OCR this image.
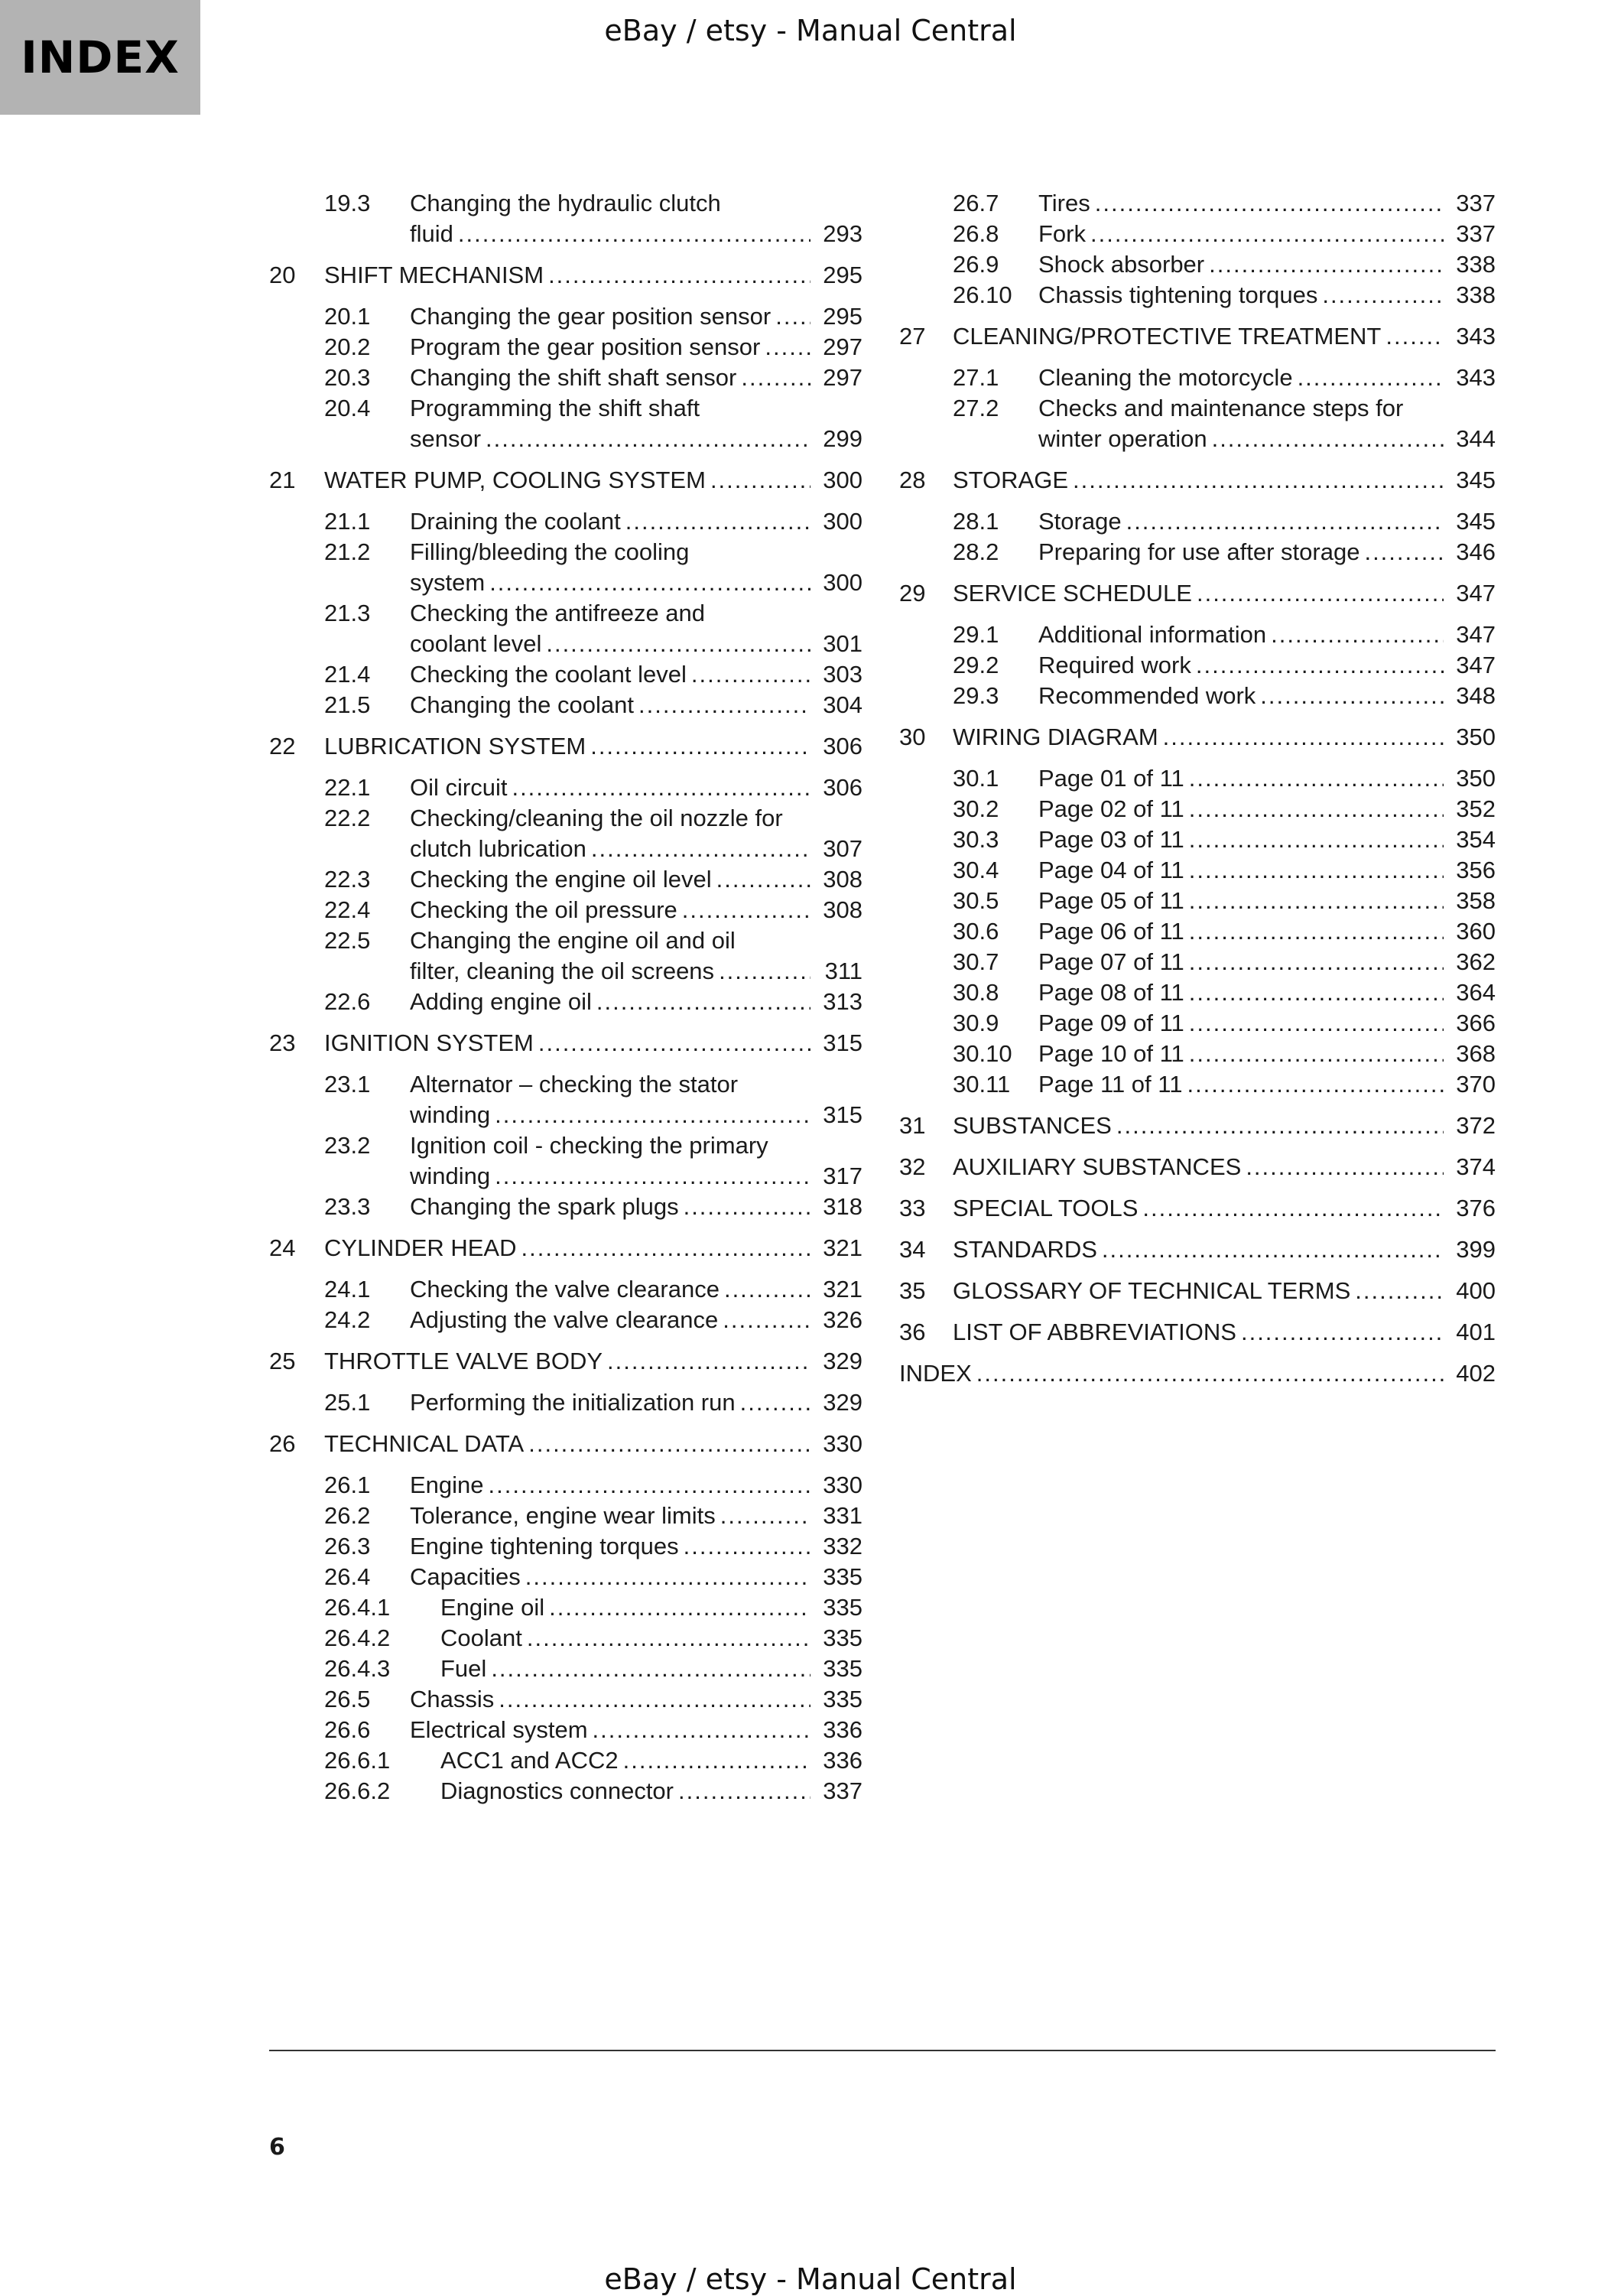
INDEX
eBay / etsy - Manual Central
19.3 Changing the hydraulic clutch
fluid .....	293
20 SHIFT MECHANISM .....	295
20.1 Changing the gear position sensor .....	295
20.2 Program the gear position sensor .....	297
20.3 Changing the shift shaft sensor .....	297
20.4 Programming the shift shaft
sensor .....	299
21 WATER PUMP, COOLING SYSTEM .....	300
21.1 Draining the coolant .....	300
21.2 Filling/bleeding the cooling
system .....	300
21.3 Checking the antifreeze and
coolant level .....	301
21.4 Checking the coolant level .....	303
21.5 Changing the coolant .....	304
22 LUBRICATION SYSTEM .....	306
22.1 Oil circuit .....	306
22.2 Checking/cleaning the oil nozzle for
clutch lubrication .....	307
22.3 Checking the engine oil level .....	308
22.4 Checking the oil pressure .....	308
22.5 Changing the engine oil and oil
filter, cleaning the oil screens .....	311
22.6 Adding engine oil .....	313
23 IGNITION SYSTEM .....	315
23.1 Alternator – checking the stator
winding .....	315
23.2 Ignition coil - checking the primary
winding .....	317
23.3 Changing the spark plugs .....	318
24 CYLINDER HEAD .....	321
24.1 Checking the valve clearance .....	321
24.2 Adjusting the valve clearance .....	326
25 THROTTLE VALVE BODY .....	329
25.1 Performing the initialization run .....	329
26 TECHNICAL DATA .....	330
26.1 Engine .....	330
26.2 Tolerance, engine wear limits .....	331
26.3 Engine tightening torques .....	332
26.4 Capacities .....	335
26.4.1 Engine oil .....	335
26.4.2 Coolant .....	335
26.4.3 Fuel .....	335
26.5 Chassis .....	335
26.6 Electrical system .....	336
26.6.1 ACC1 and ACC2 .....	336
26.6.2 Diagnostics connector .....	337
26.7 Tires .....	337
26.8 Fork .....	337
26.9 Shock absorber .....	338
26.10 Chassis tightening torques .....	338
27 CLEANING/PROTECTIVE TREATMENT .....	343
27.1 Cleaning the motorcycle .....	343
27.2 Checks and maintenance steps for
winter operation .....	344
28 STORAGE .....	345
28.1 Storage .....	345
28.2 Preparing for use after storage .....	346
29 SERVICE SCHEDULE .....	347
29.1 Additional information .....	347
29.2 Required work .....	347
29.3 Recommended work .....	348
30 WIRING DIAGRAM .....	350
30.1 Page 01 of 11 .....	350
30.2 Page 02 of 11 .....	352
30.3 Page 03 of 11 .....	354
30.4 Page 04 of 11 .....	356
30.5 Page 05 of 11 .....	358
30.6 Page 06 of 11 .....	360
30.7 Page 07 of 11 .....	362
30.8 Page 08 of 11 .....	364
30.9 Page 09 of 11 .....	366
30.10 Page 10 of 11 .....	368
30.11 Page 11 of 11 .....	370
31 SUBSTANCES .....	372
32 AUXILIARY SUBSTANCES .....	374
33 SPECIAL TOOLS .....	376
34 STANDARDS .....	399
35 GLOSSARY OF TECHNICAL TERMS .....	400
36 LIST OF ABBREVIATIONS .....	401
INDEX .....	402
6
eBay / etsy - Manual Central
